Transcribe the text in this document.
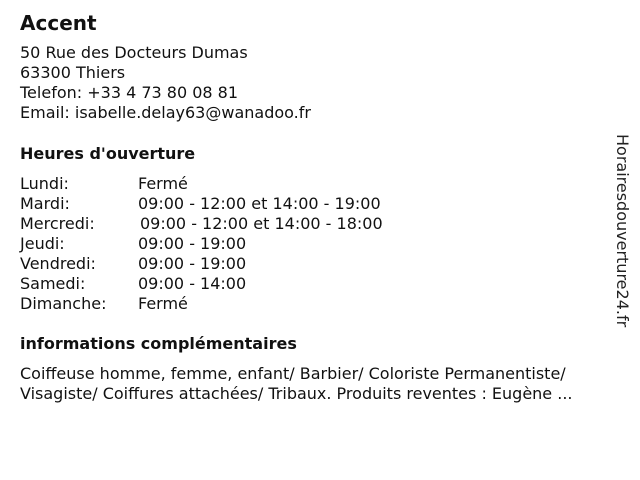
Accent
50 Rue des Docteurs Dumas
63300 Thiers
Telefon: +33 4 73 80 08 81
Email: isabelle.delay63@wanadoo.fr
Heures d'ouverture
Lundi:	Fermé
Mardi:	09:00 - 12:00 et 14:00 - 19:00
Mercredi:	09:00 - 12:00 et 14:00 - 18:00
Jeudi:	09:00 - 19:00
Vendredi:	09:00 - 19:00
Samedi:	09:00 - 14:00
Dimanche:	Fermé
informations complémentaires
Coiffeuse homme, femme, enfant/ Barbier/ Coloriste Permanentiste/
Visagiste/ Coiffures attachées/ Tribaux. Produits reventes : Eugène ...
Horairesdouverture24.fr
